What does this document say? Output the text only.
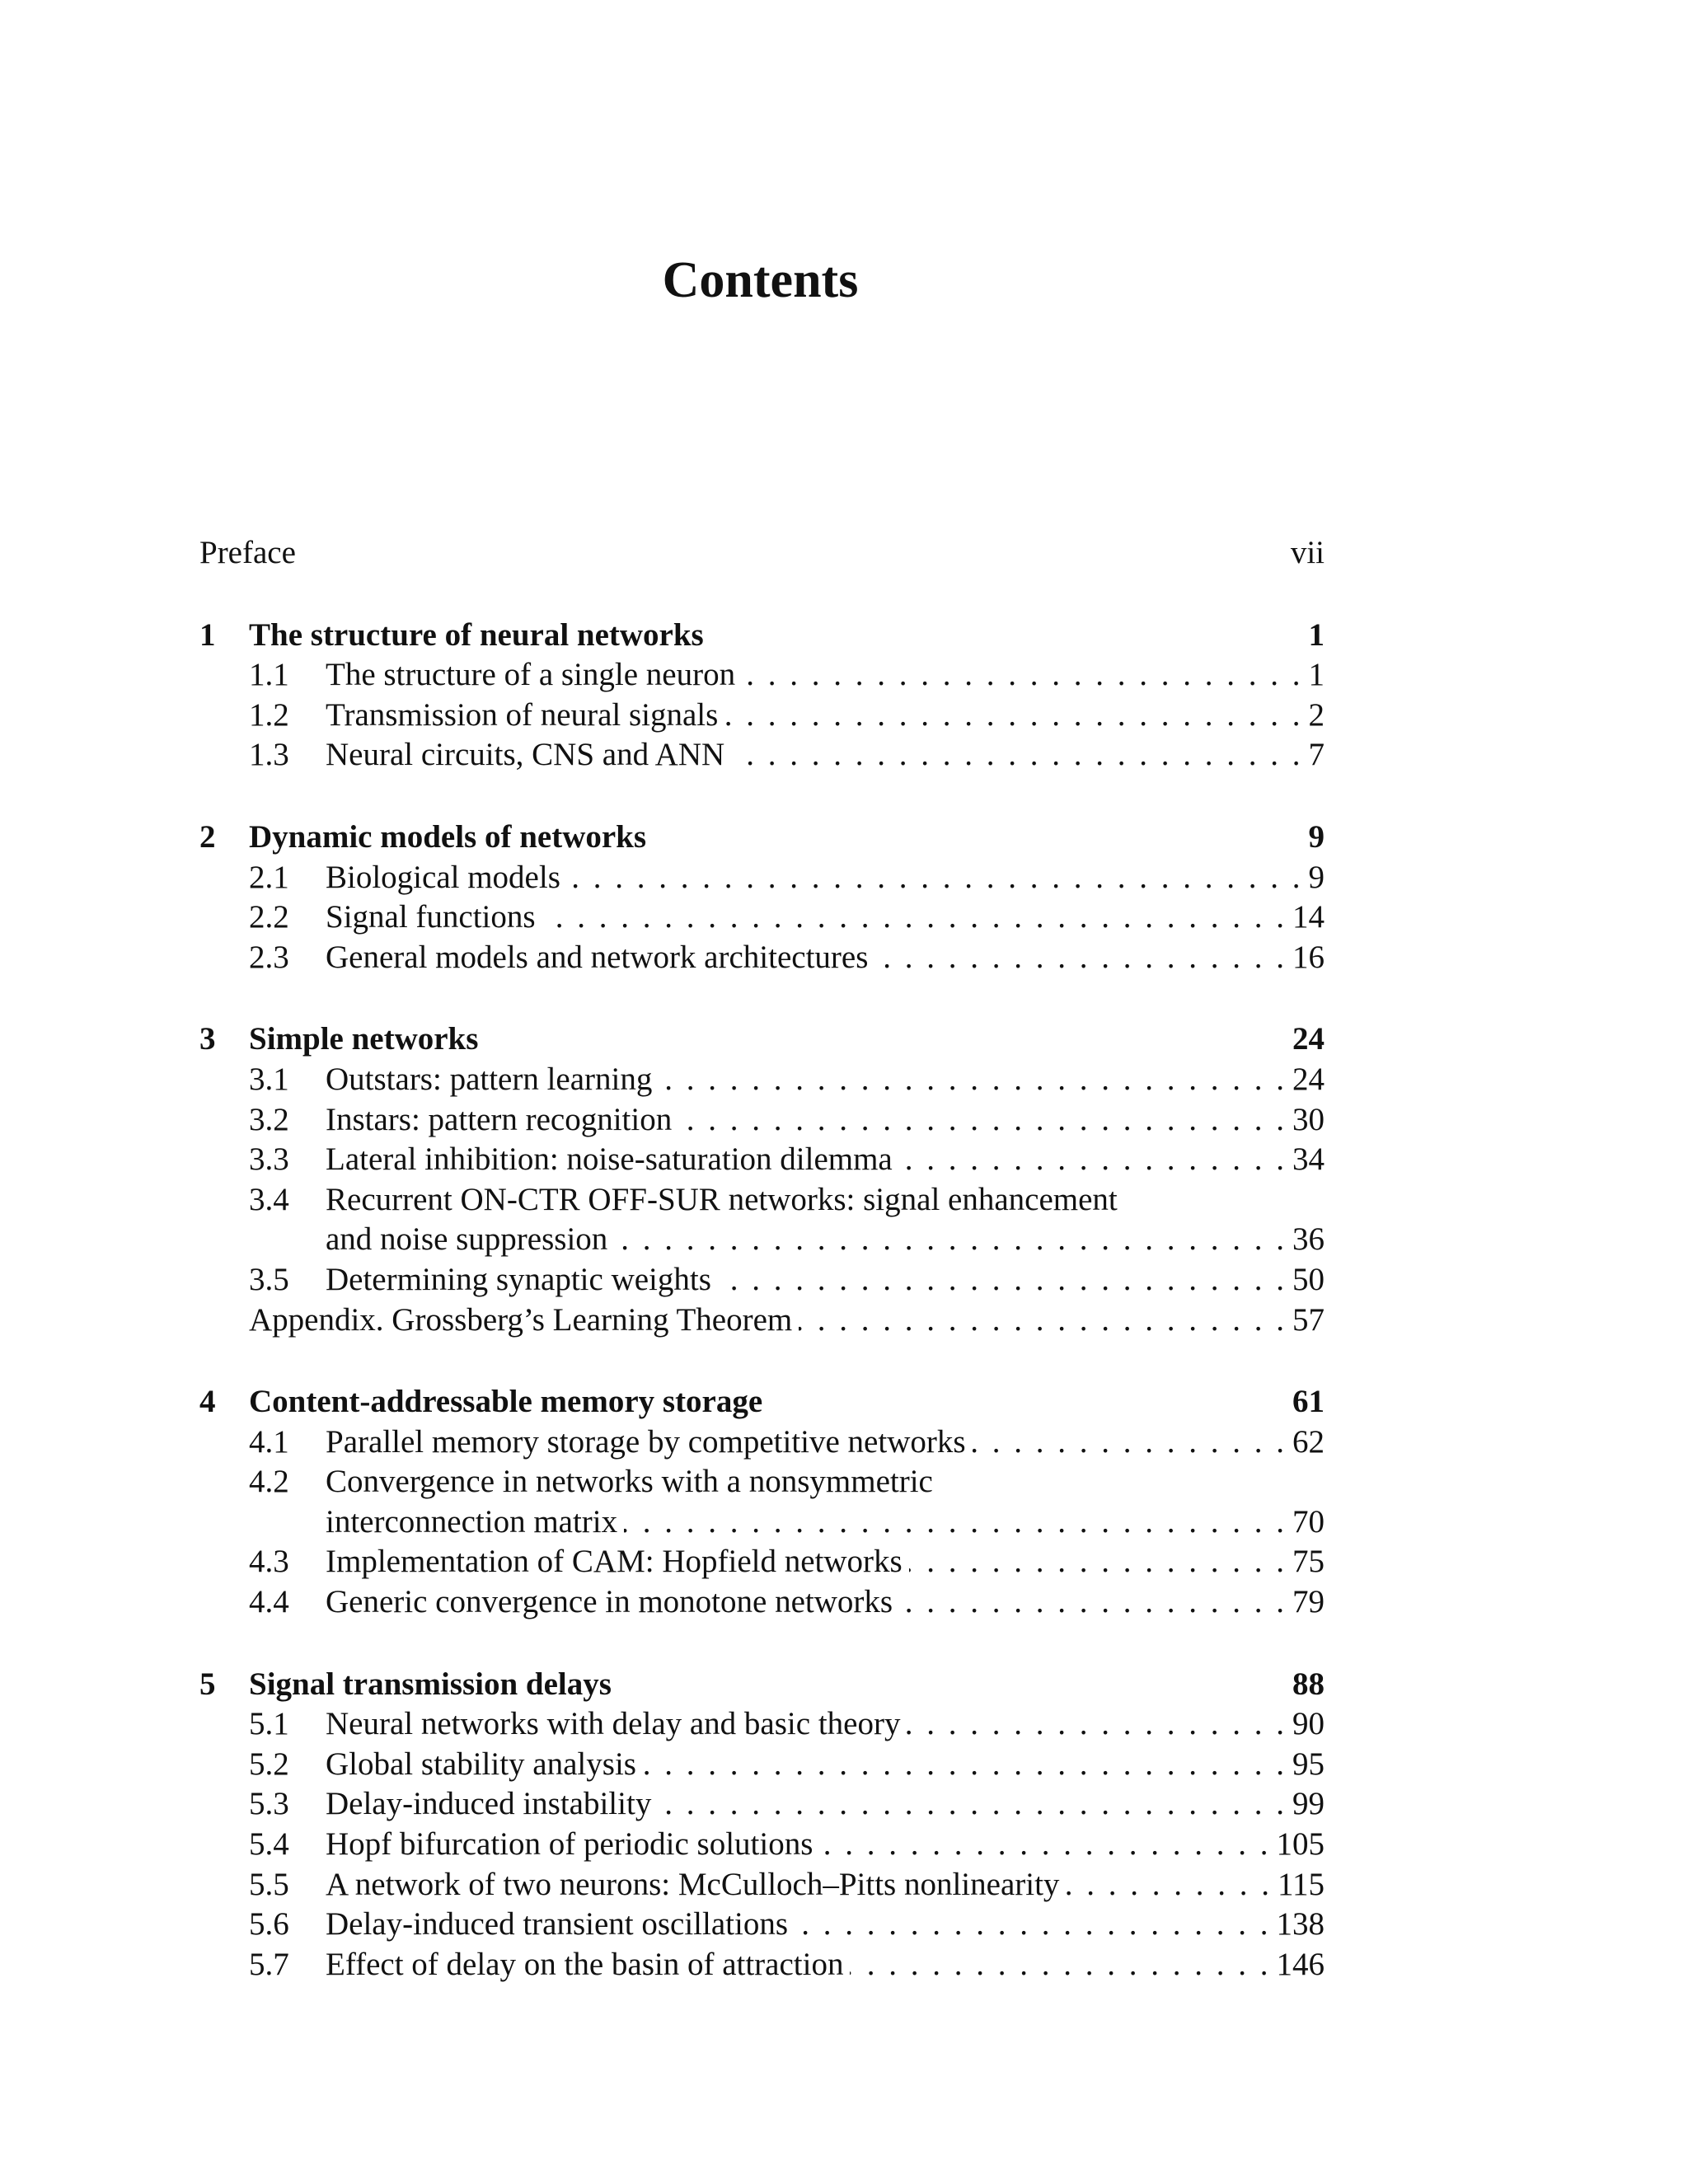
Contents
Preface	vii
1 The structure of neural networks	1
1.1 The structure of a single neuron . . .	1
1.2 Transmission of neural signals . . .	2
1.3 Neural circuits, CNS and ANN . . .	7
2 Dynamic models of networks	9
2.1 Biological models . . .	9
2.2 Signal functions . . .	14
2.3 General models and network architectures . . .	16
3 Simple networks	24
3.1 Outstars: pattern learning . . .	24
3.2 Instars: pattern recognition . . .	30
3.3 Lateral inhibition: noise-saturation dilemma . . .	34
3.4 Recurrent ON-CTR OFF-SUR networks: signal enhancement
and noise suppression . . .	36
3.5 Determining synaptic weights . . .	50
Appendix. Grossberg’s Learning Theorem . . .	57
4 Content-addressable memory storage	61
4.1 Parallel memory storage by competitive networks . . .	62
4.2 Convergence in networks with a nonsymmetric
interconnection matrix . . .	70
4.3 Implementation of CAM: Hopfield networks . . .	75
4.4 Generic convergence in monotone networks . . .	79
5 Signal transmission delays	88
5.1 Neural networks with delay and basic theory . . .	90
5.2 Global stability analysis . . .	95
5.3 Delay-induced instability . . .	99
5.4 Hopf bifurcation of periodic solutions . . .	105
5.5 A network of two neurons: McCulloch–Pitts nonlinearity . . .	115
5.6 Delay-induced transient oscillations . . .	138
5.7 Effect of delay on the basin of attraction . . .	146
